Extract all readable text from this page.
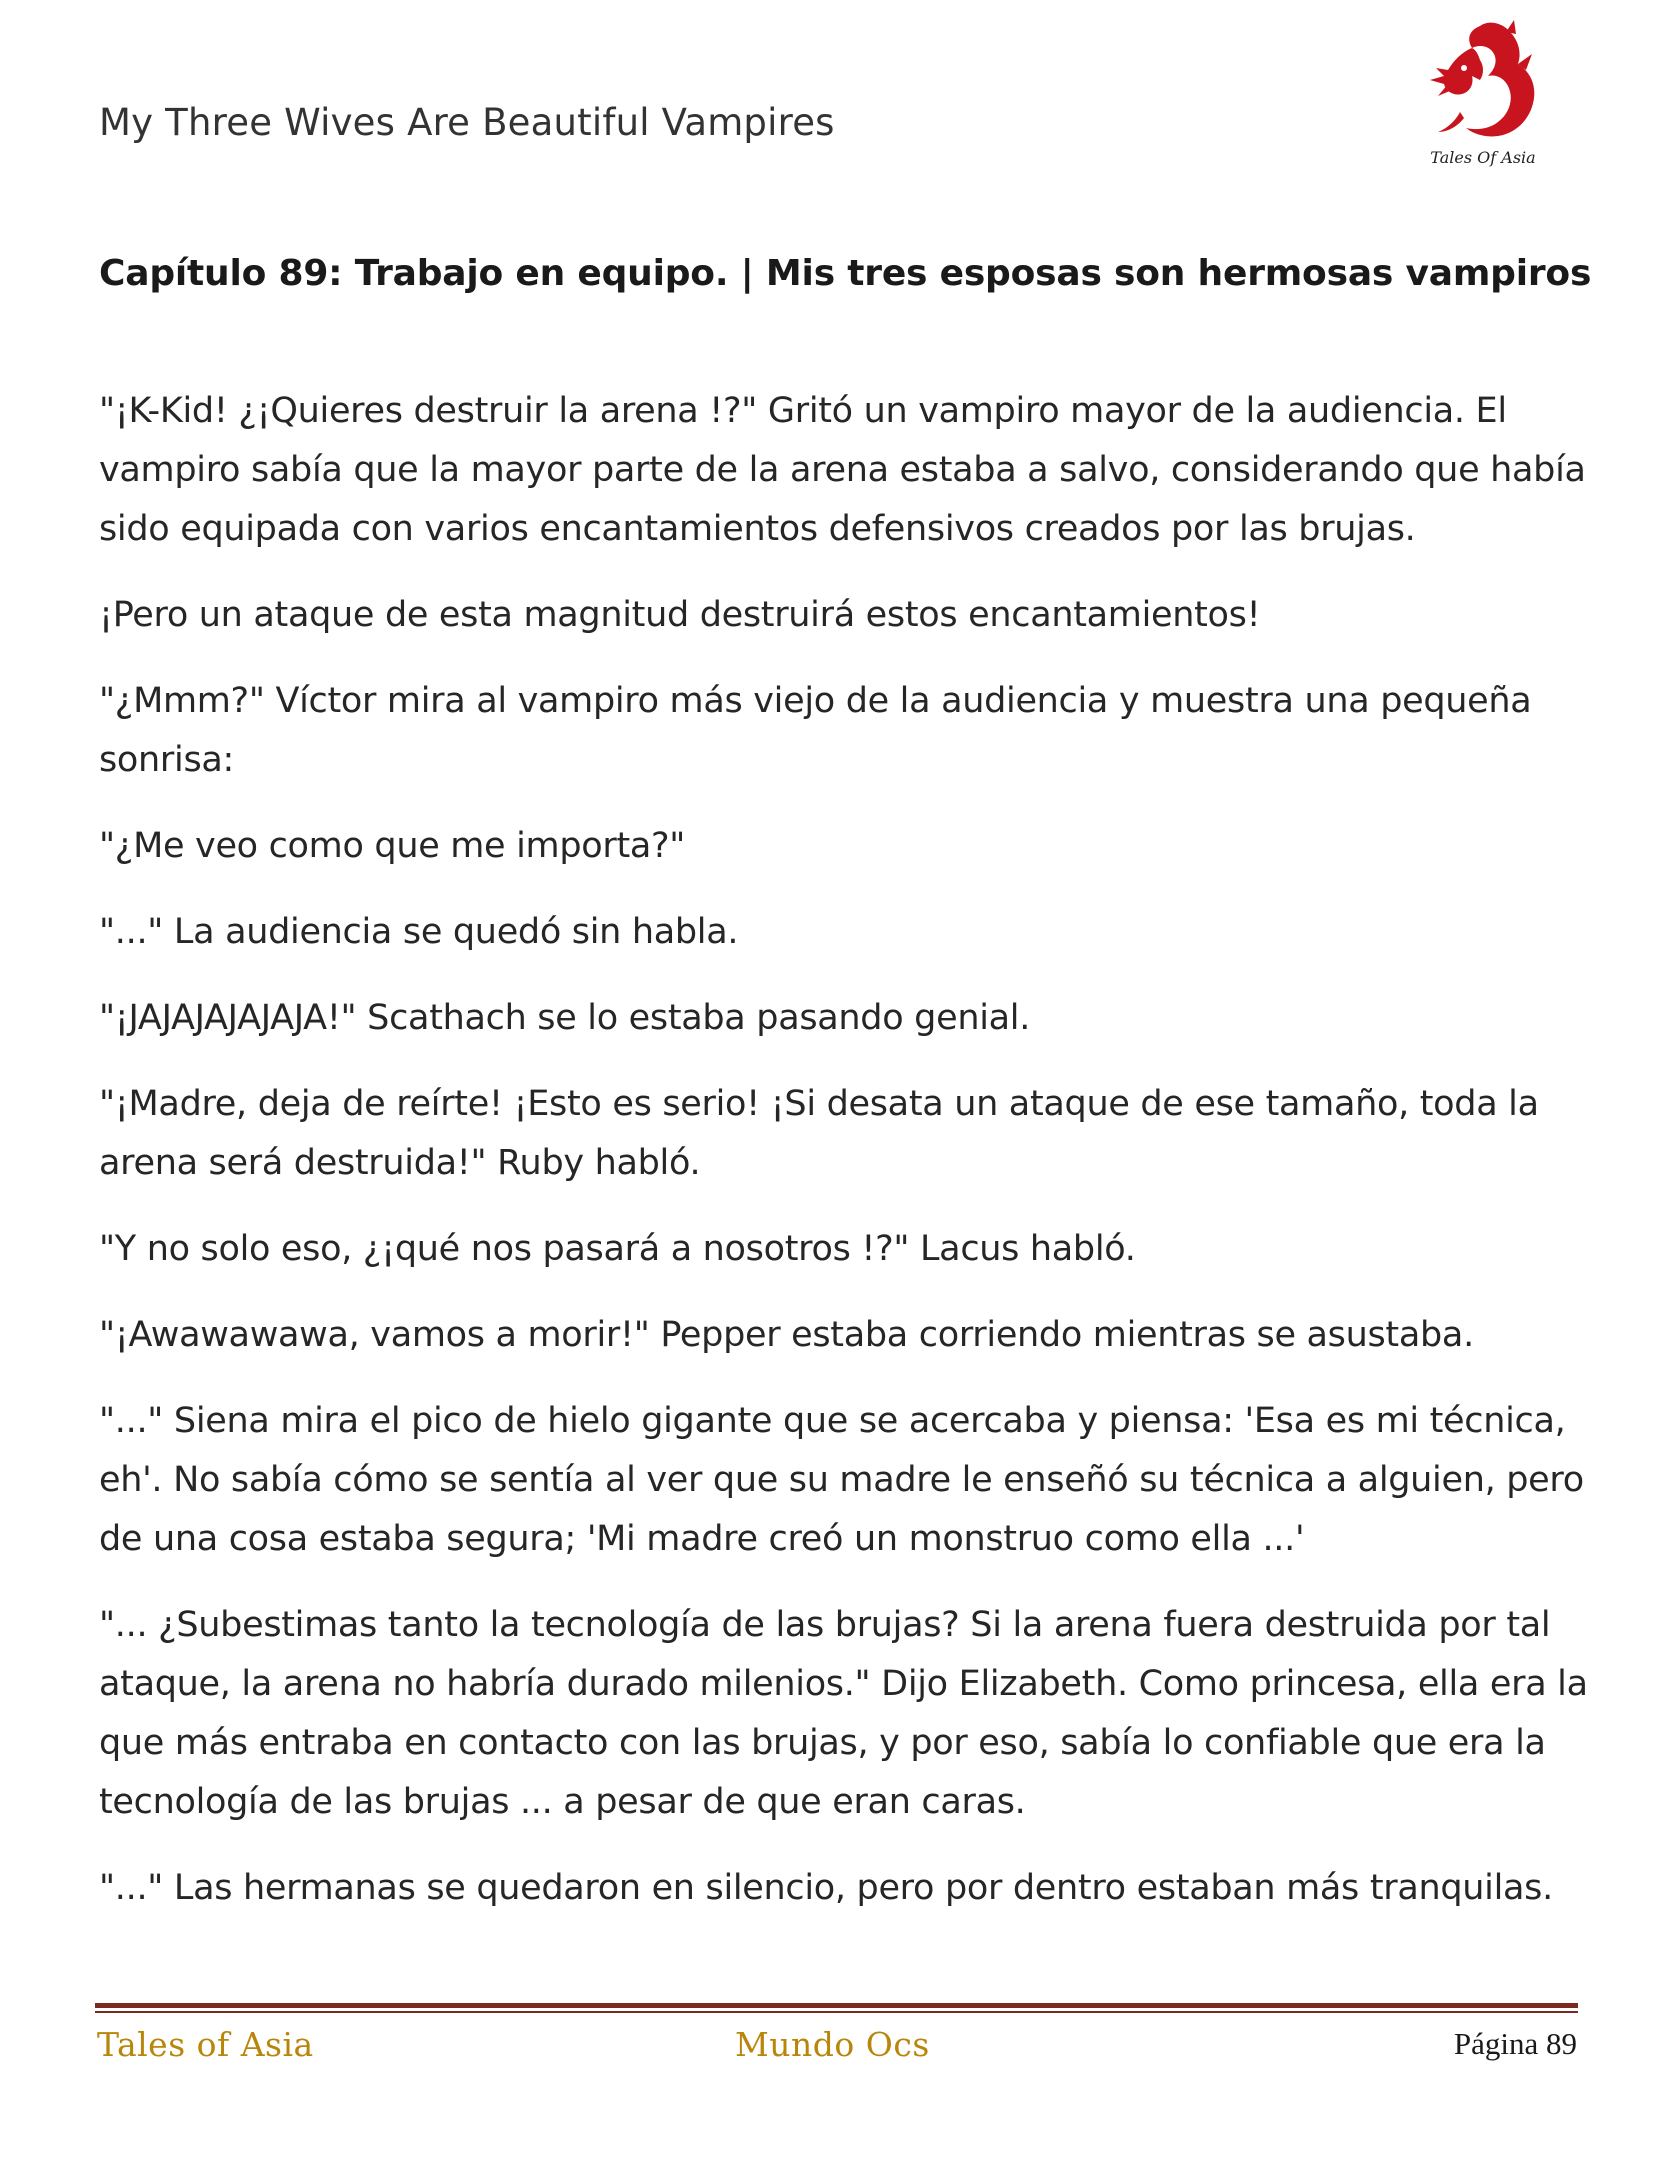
My Three Wives Are Beautiful Vampires
Tales Of Asia
Capítulo 89: Trabajo en equipo. | Mis tres esposas son hermosas vampiros

"¡K-Kid! ¿¡Quieres destruir la arena !?" Gritó un vampiro mayor de la audiencia. El vampiro sabía que la mayor parte de la arena estaba a salvo, considerando que había sido equipada con varios encantamientos defensivos creados por las brujas.

¡Pero un ataque de esta magnitud destruirá estos encantamientos!

"¿Mmm?" Víctor mira al vampiro más viejo de la audiencia y muestra una pequeña sonrisa:

"¿Me veo como que me importa?"

"..." La audiencia se quedó sin habla.

"¡JAJAJAJAJAJA!" Scathach se lo estaba pasando genial.

"¡Madre, deja de reírte! ¡Esto es serio! ¡Si desata un ataque de ese tamaño, toda la arena será destruida!" Ruby habló.

"Y no solo eso, ¿¡qué nos pasará a nosotros !?" Lacus habló.

"¡Awawawawa, vamos a morir!" Pepper estaba corriendo mientras se asustaba.

"..." Siena mira el pico de hielo gigante que se acercaba y piensa: 'Esa es mi técnica, eh'. No sabía cómo se sentía al ver que su madre le enseñó su técnica a alguien, pero de una cosa estaba segura; 'Mi madre creó un monstruo como ella ...'

"... ¿Subestimas tanto la tecnología de las brujas? Si la arena fuera destruida por tal ataque, la arena no habría durado milenios." Dijo Elizabeth. Como princesa, ella era la que más entraba en contacto con las brujas, y por eso, sabía lo confiable que era la tecnología de las brujas ... a pesar de que eran caras.

"..." Las hermanas se quedaron en silencio, pero por dentro estaban más tranquilas.

Tales of Asia	Mundo Ocs	Página 89
